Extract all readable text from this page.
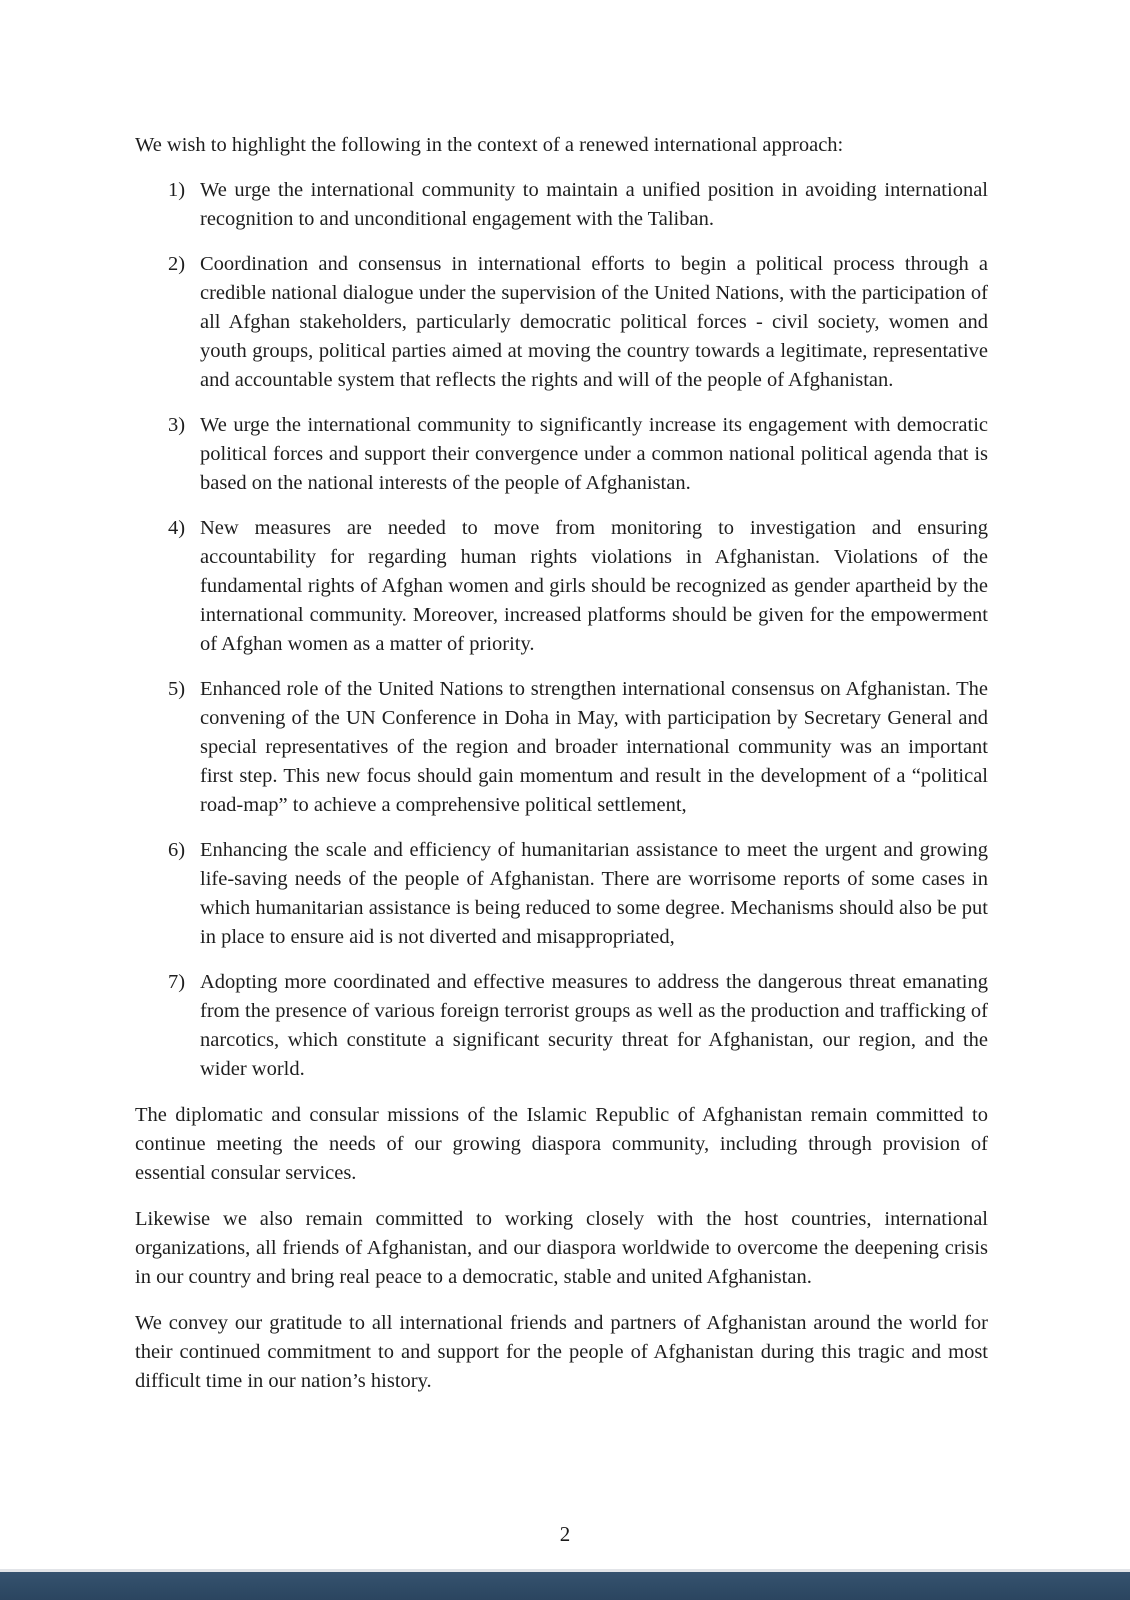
We wish to highlight the following in the context of a renewed international approach:

1) We urge the international community to maintain a unified position in avoiding international recognition to and unconditional engagement with the Taliban.
2) Coordination and consensus in international efforts to begin a political process through a credible national dialogue under the supervision of the United Nations, with the participation of all Afghan stakeholders, particularly democratic political forces - civil society, women and youth groups, political parties aimed at moving the country towards a legitimate, representative and accountable system that reflects the rights and will of the people of Afghanistan.
3) We urge the international community to significantly increase its engagement with democratic political forces and support their convergence under a common national political agenda that is based on the national interests of the people of Afghanistan.
4) New measures are needed to move from monitoring to investigation and ensuring accountability for regarding human rights violations in Afghanistan. Violations of the fundamental rights of Afghan women and girls should be recognized as gender apartheid by the international community. Moreover, increased platforms should be given for the empowerment of Afghan women as a matter of priority.
5) Enhanced role of the United Nations to strengthen international consensus on Afghanistan. The convening of the UN Conference in Doha in May, with participation by Secretary General and special representatives of the region and broader international community was an important first step. This new focus should gain momentum and result in the development of a “political road-map” to achieve a comprehensive political settlement,
6) Enhancing the scale and efficiency of humanitarian assistance to meet the urgent and growing life-saving needs of the people of Afghanistan. There are worrisome reports of some cases in which humanitarian assistance is being reduced to some degree. Mechanisms should also be put in place to ensure aid is not diverted and misappropriated,
7) Adopting more coordinated and effective measures to address the dangerous threat emanating from the presence of various foreign terrorist groups as well as the production and trafficking of narcotics, which constitute a significant security threat for Afghanistan, our region, and the wider world.

The diplomatic and consular missions of the Islamic Republic of Afghanistan remain committed to continue meeting the needs of our growing diaspora community, including through provision of essential consular services.

Likewise we also remain committed to working closely with the host countries, international organizations, all friends of Afghanistan, and our diaspora worldwide to overcome the deepening crisis in our country and bring real peace to a democratic, stable and united Afghanistan.

We convey our gratitude to all international friends and partners of Afghanistan around the world for their continued commitment to and support for the people of Afghanistan during this tragic and most difficult time in our nation’s history.

2
